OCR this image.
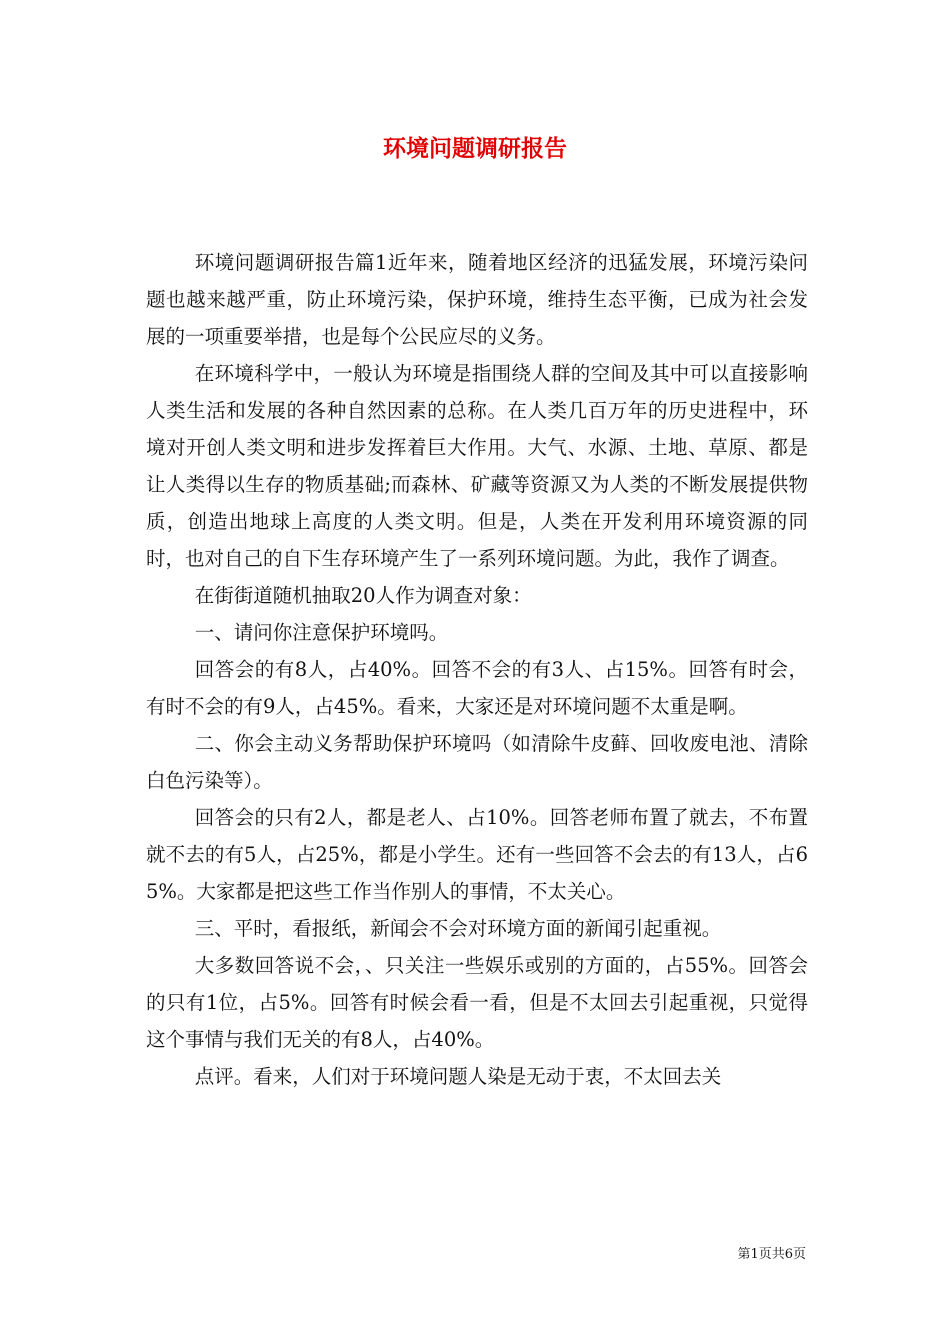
环境问题调研报告

环境问题调研报告篇1近年来，随着地区经济的迅猛发展，环境污染问题也越来越严重，防止环境污染，保护环境，维持生态平衡，已成为社会发展的一项重要举措，也是每个公民应尽的义务。

在环境科学中，一般认为环境是指围绕人群的空间及其中可以直接影响人类生活和发展的各种自然因素的总称。在人类几百万年的历史进程中，环境对开创人类文明和进步发挥着巨大作用。大气、水源、土地、草原、都是让人类得以生存的物质基础;而森林、矿藏等资源又为人类的不断发展提供物质，创造出地球上高度的人类文明。但是，人类在开发利用环境资源的同时，也对自己的自下生存环境产生了一系列环境问题。为此，我作了调查。

在街街道随机抽取20人作为调查对象：

一、请问你注意保护环境吗。

回答会的有8人，占40%。回答不会的有3人、占15%。回答有时会，有时不会的有9人，占45%。看来，大家还是对环境问题不太重是啊。

二、你会主动义务帮助保护环境吗（如清除牛皮藓、回收废电池、清除白色污染等）。

回答会的只有2人，都是老人、占10%。回答老师布置了就去，不布置就不去的有5人，占25%，都是小学生。还有一些回答不会去的有13人，占65%。大家都是把这些工作当作别人的事情，不太关心。

三、平时，看报纸，新闻会不会对环境方面的新闻引起重视。

大多数回答说不会，、只关注一些娱乐或别的方面的，占55%。回答会的只有1位，占5%。回答有时候会看一看，但是不太回去引起重视，只觉得这个事情与我们无关的有8人，占40%。

点评。看来，人们对于环境问题人染是无动于衷，不太回去关

第1页共6页
